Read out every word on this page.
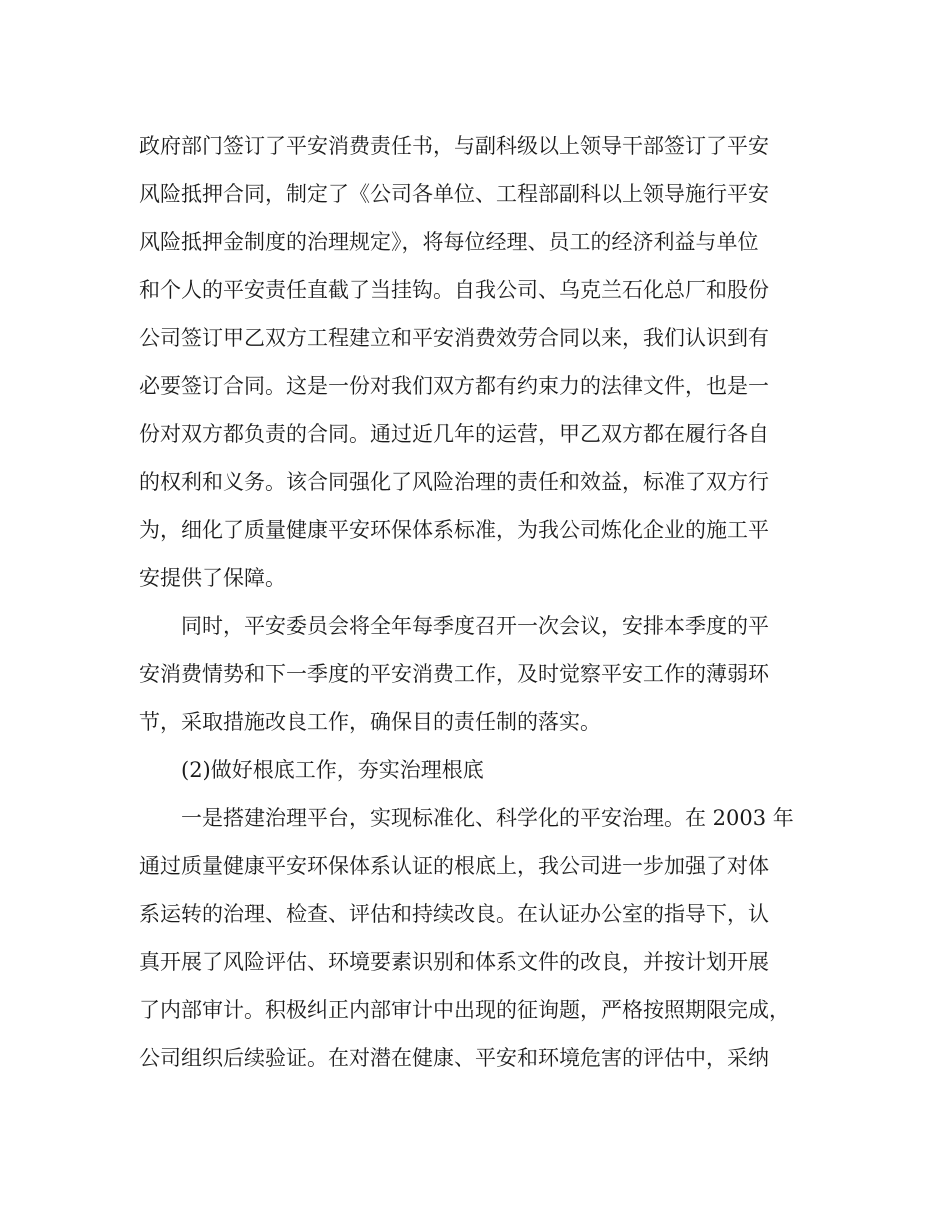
政府部门签订了平安消费责任书，与副科级以上领导干部签订了平安
风险抵押合同，制定了《公司各单位、工程部副科以上领导施行平安
风险抵押金制度的治理规定》，将每位经理、员工的经济利益与单位
和个人的平安责任直截了当挂钩。自我公司、乌克兰石化总厂和股份
公司签订甲乙双方工程建立和平安消费效劳合同以来，我们认识到有
必要签订合同。这是一份对我们双方都有约束力的法律文件，也是一
份对双方都负责的合同。通过近几年的运营，甲乙双方都在履行各自
的权利和义务。该合同强化了风险治理的责任和效益，标准了双方行
为，细化了质量健康平安环保体系标准，为我公司炼化企业的施工平
安提供了保障。
同时，平安委员会将全年每季度召开一次会议，安排本季度的平
安消费情势和下一季度的平安消费工作，及时觉察平安工作的薄弱环
节，采取措施改良工作，确保目的责任制的落实。
(2)做好根底工作，夯实治理根底
一是搭建治理平台，实现标准化、科学化的平安治理。在 2003 年
通过质量健康平安环保体系认证的根底上，我公司进一步加强了对体
系运转的治理、检查、评估和持续改良。在认证办公室的指导下，认
真开展了风险评估、环境要素识别和体系文件的改良，并按计划开展
了内部审计。积极纠正内部审计中出现的征询题，严格按照期限完成，
公司组织后续验证。在对潜在健康、平安和环境危害的评估中，采纳
